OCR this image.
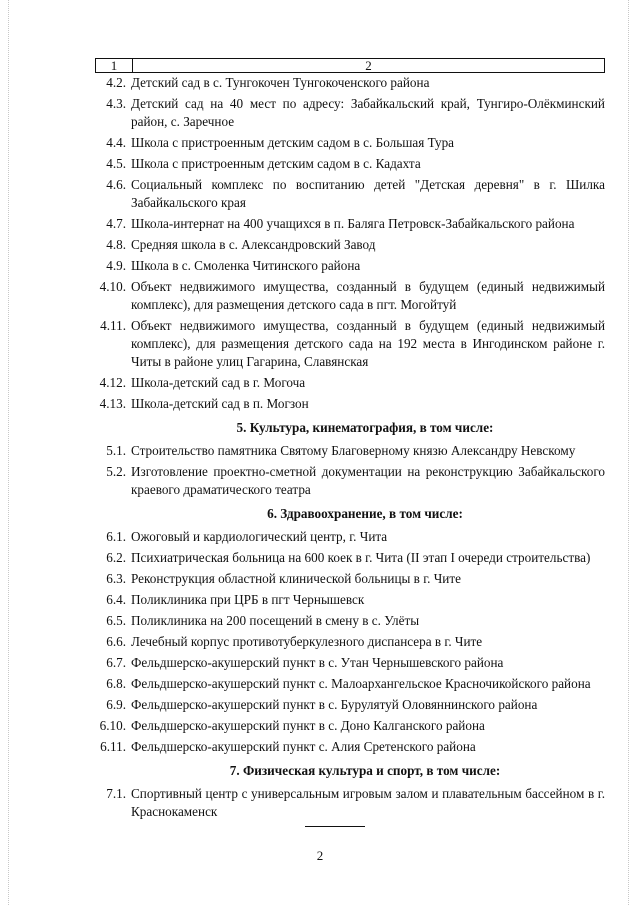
1	2
4.2. Детский сад в с. Тунгокочен Тунгокоченского района
4.3. Детский сад на 40 мест по адресу: Забайкальский край, Тунгиро-Олёкминский район, с. Заречное
4.4. Школа с пристроенным детским садом в с. Большая Тура
4.5. Школа с пристроенным детским садом в с. Кадахта
4.6. Социальный комплекс по воспитанию детей "Детская деревня" в г. Шилка Забайкальского края
4.7. Школа-интернат на 400 учащихся в п. Баляга Петровск-Забайкальского района
4.8. Средняя школа в с. Александровский Завод
4.9. Школа в с. Смоленка Читинского района
4.10. Объект недвижимого имущества, созданный в будущем (единый недвижимый комплекс), для размещения детского сада в пгт. Могойтуй
4.11. Объект недвижимого имущества, созданный в будущем (единый недвижимый комплекс), для размещения детского сада на 192 места в Ингодинском районе г. Читы в районе улиц Гагарина, Славянская
4.12. Школа-детский сад в г. Могоча
4.13. Школа-детский сад в п. Могзон
5. Культура, кинематография, в том числе:
5.1. Строительство памятника Святому Благоверному князю Александру Невскому
5.2. Изготовление проектно-сметной документации на реконструкцию Забайкальского краевого драматического театра
6. Здравоохранение, в том числе:
6.1. Ожоговый и кардиологический центр, г. Чита
6.2. Психиатрическая больница на 600 коек в г. Чита (II этап I очереди строительства)
6.3. Реконструкция областной клинической больницы в г. Чите
6.4. Поликлиника при ЦРБ в пгт Чернышевск
6.5. Поликлиника на 200 посещений в смену в с. Улёты
6.6. Лечебный корпус противотуберкулезного диспансера в г. Чите
6.7. Фельдшерско-акушерский пункт в с. Утан Чернышевского района
6.8. Фельдшерско-акушерский пункт с. Малоархангельское Красночикойского района
6.9. Фельдшерско-акушерский пункт в с. Бурулятуй Оловяннинского района
6.10. Фельдшерско-акушерский пункт в с. Доно Калганского района
6.11. Фельдшерско-акушерский пункт с. Алия Сретенского района
7. Физическая культура и спорт, в том числе:
7.1. Спортивный центр с универсальным игровым залом и плавательным бассейном в г. Краснокаменск
2
